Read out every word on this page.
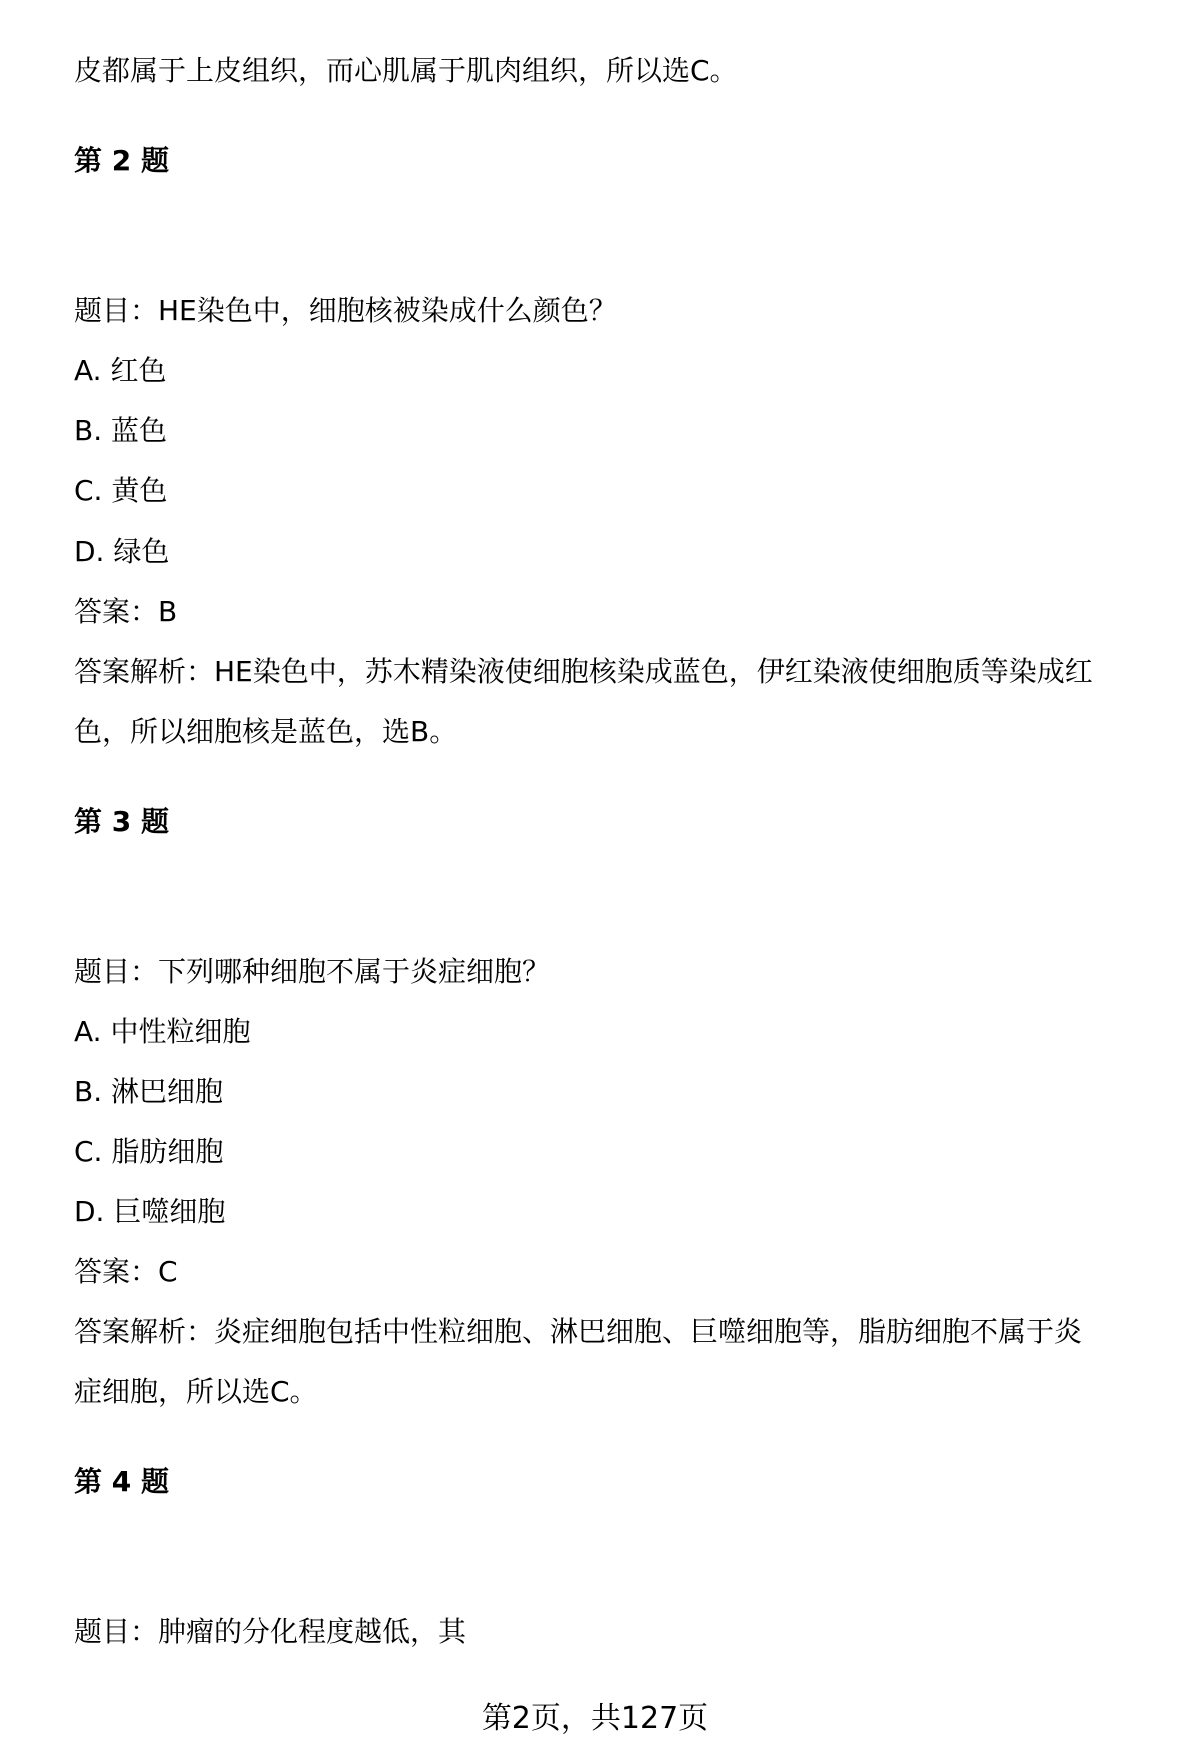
皮都属于上皮组织，而心肌属于肌肉组织，所以选C。

第 2 题

题目：HE染色中，细胞核被染成什么颜色？

A. 红色

B. 蓝色

C. 黄色

D. 绿色

答案：B

答案解析：HE染色中，苏木精染液使细胞核染成蓝色，伊红染液使细胞质等染成红

色，所以细胞核是蓝色，选B。

第 3 题

题目：下列哪种细胞不属于炎症细胞？

A. 中性粒细胞

B. 淋巴细胞

C. 脂肪细胞

D. 巨噬细胞

答案：C

答案解析：炎症细胞包括中性粒细胞、淋巴细胞、巨噬细胞等，脂肪细胞不属于炎

症细胞，所以选C。

第 4 题

题目：肿瘤的分化程度越低，其

第2页，共127页
